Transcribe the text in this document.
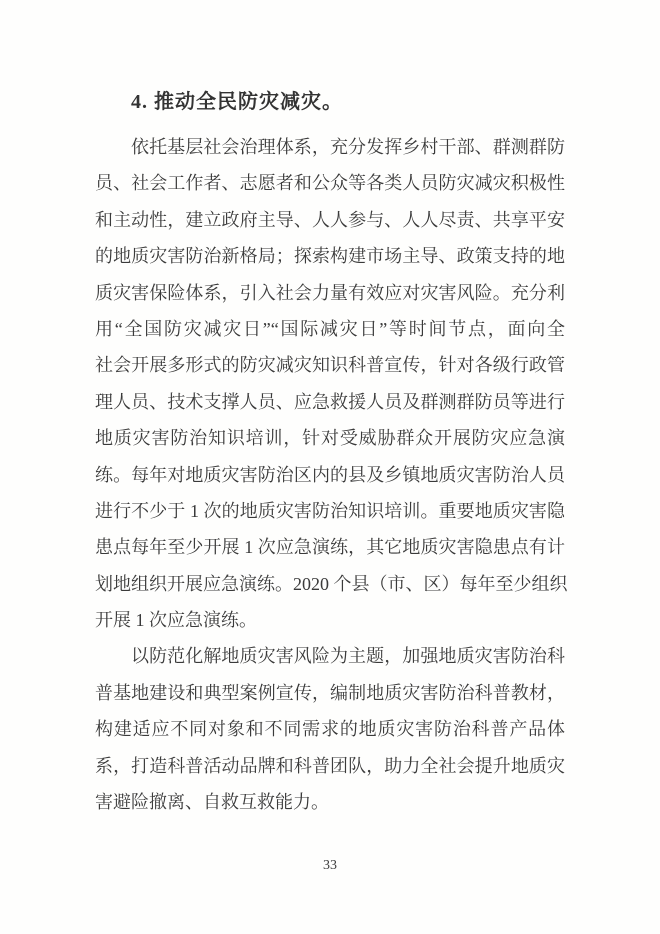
4. 推动全民防灾减灾。
依托基层社会治理体系，充分发挥乡村干部、群测群防
员、社会工作者、志愿者和公众等各类人员防灾减灾积极性
和主动性，建立政府主导、人人参与、人人尽责、共享平安
的地质灾害防治新格局；探索构建市场主导、政策支持的地
质灾害保险体系，引入社会力量有效应对灾害风险。充分利
用“全国防灾减灾日”“国际减灾日”等时间节点，面向全
社会开展多形式的防灾减灾知识科普宣传，针对各级行政管
理人员、技术支撑人员、应急救援人员及群测群防员等进行
地质灾害防治知识培训，针对受威胁群众开展防灾应急演
练。每年对地质灾害防治区内的县及乡镇地质灾害防治人员
进行不少于 1 次的地质灾害防治知识培训。重要地质灾害隐
患点每年至少开展 1 次应急演练，其它地质灾害隐患点有计
划地组织开展应急演练。2020 个县（市、区）每年至少组织
开展 1 次应急演练。
以防范化解地质灾害风险为主题，加强地质灾害防治科
普基地建设和典型案例宣传，编制地质灾害防治科普教材，
构建适应不同对象和不同需求的地质灾害防治科普产品体
系，打造科普活动品牌和科普团队，助力全社会提升地质灾
害避险撤离、自救互救能力。
33
